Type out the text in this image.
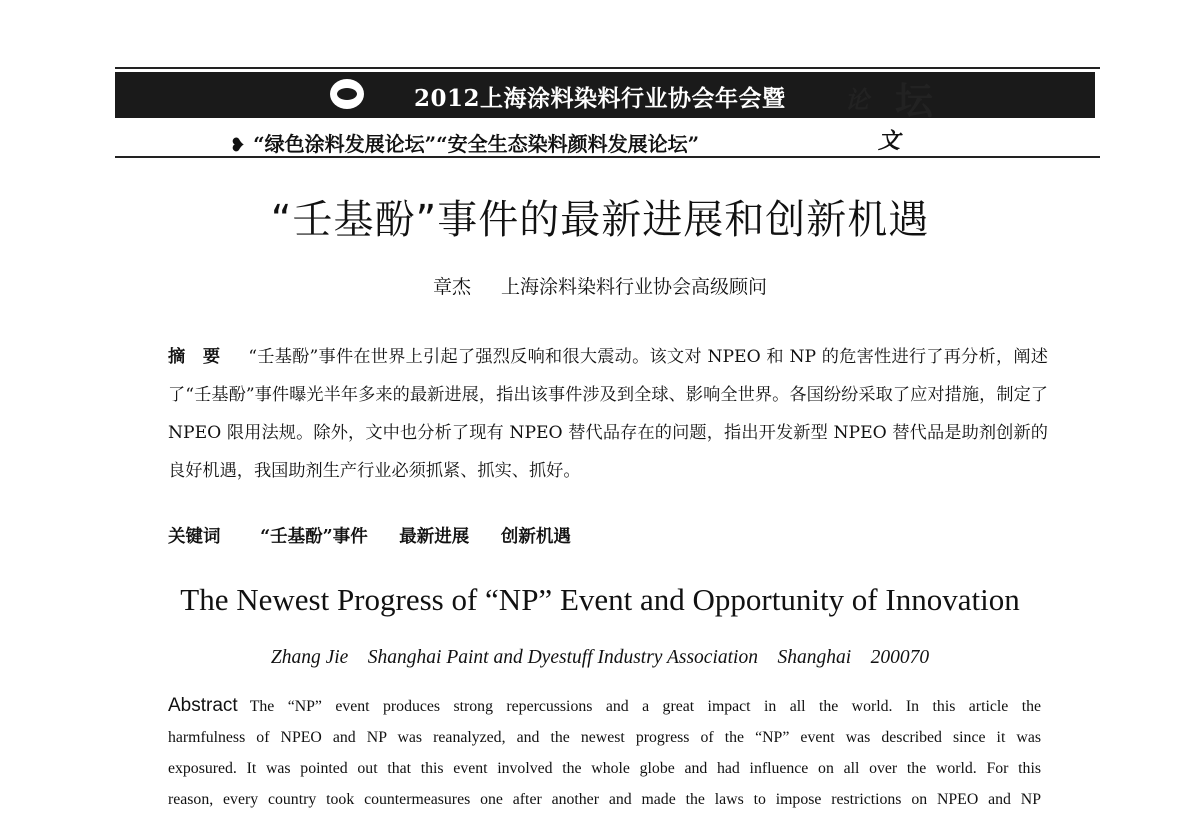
2012上海涂料染料行业协会年会暨 论 坛
❥ “绿色涂料发展论坛”“安全生态染料颜料发展论坛”	文
“壬基酚”事件的最新进展和创新机遇
章杰 上海涂料染料行业协会高级顾问
摘　要 “壬基酚”事件在世界上引起了强烈反响和很大震动。该文对 NPEO 和 NP 的危害性进行了再分析，阐述了“壬基酚”事件曝光半年多来的最新进展，指出该事件涉及到全球、影响全世界。各国纷纷采取了应对措施，制定了 NPEO 限用法规。除外，文中也分析了现有 NPEO 替代品存在的问题，指出开发新型 NPEO 替代品是助剂创新的良好机遇，我国助剂生产行业必须抓紧、抓实、抓好。
关键词 “壬基酚”事件 最新进展 创新机遇
The Newest Progress of “NP” Event and Opportunity of Innovation
Zhang Jie    Shanghai Paint and Dyestuff Industry Association    Shanghai    200070
Abstract The “NP” event produces strong repercussions and a great impact in all the world. In this article the
harmfulness of NPEO and NP was reanalyzed, and the newest progress of the “NP” event was described since it was
exposured. It was pointed out that this event involved the whole globe and had influence on all over the world. For this
reason, every country took countermeasures one after another and made the laws to impose restrictions on NPEO and NP
